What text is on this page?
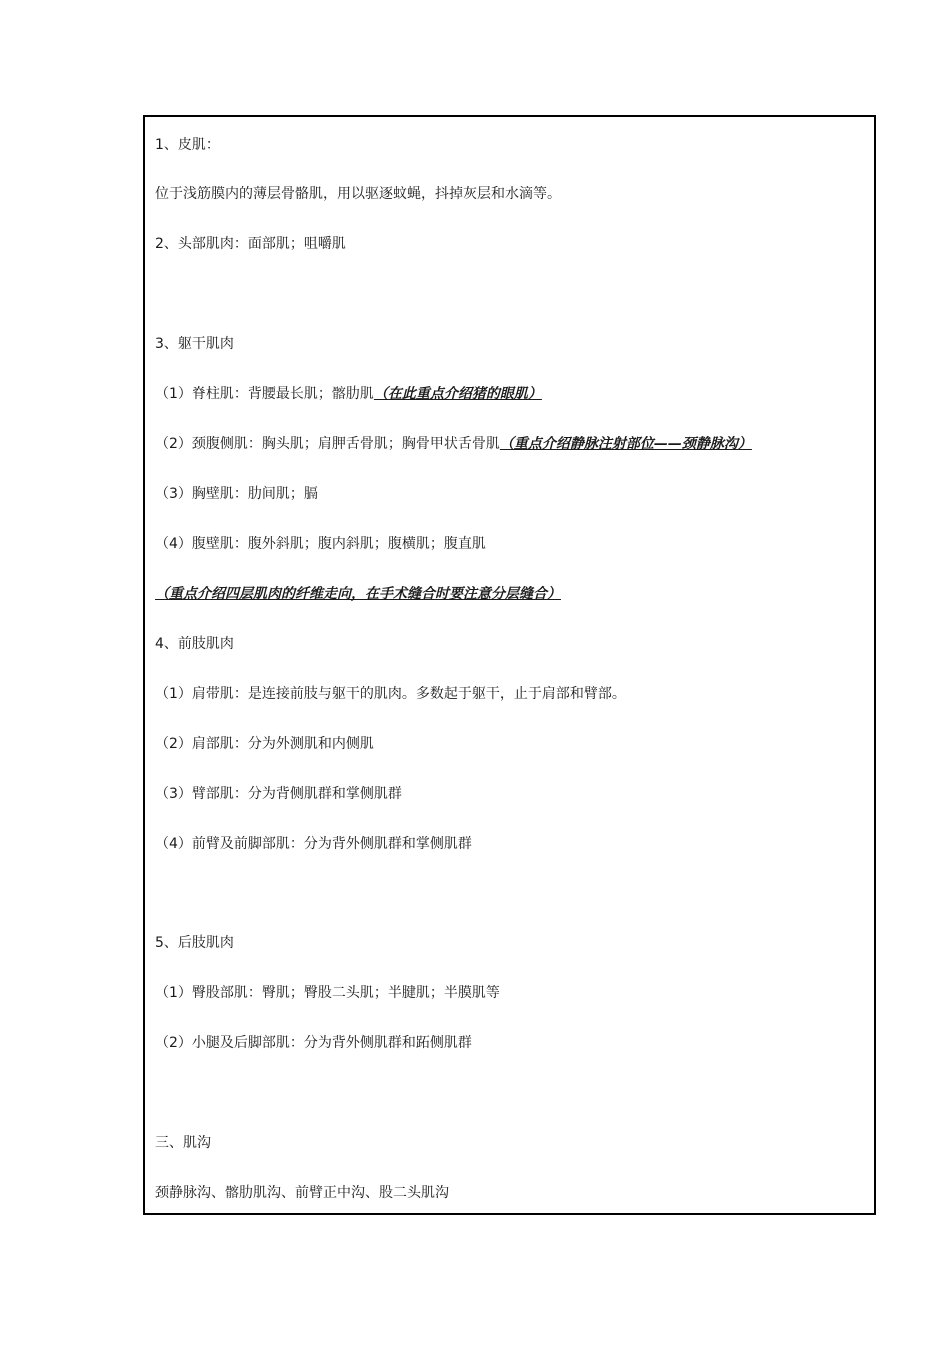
1、皮肌：
位于浅筋膜内的薄层骨骼肌，用以驱逐蚊蝇，抖掉灰层和水滴等。
2、头部肌肉：面部肌；咀嚼肌
3、躯干肌肉
（1）脊柱肌：背腰最长肌；髂肋肌（在此重点介绍猪的眼肌）
（2）颈腹侧肌：胸头肌；肩胛舌骨肌；胸骨甲状舌骨肌（重点介绍静脉注射部位——颈静脉沟）
（3）胸壁肌：肋间肌；膈
（4）腹壁肌：腹外斜肌；腹内斜肌；腹横肌；腹直肌
（重点介绍四层肌肉的纤维走向，在手术缝合时要注意分层缝合）
4、前肢肌肉
（1）肩带肌：是连接前肢与躯干的肌肉。多数起于躯干，止于肩部和臂部。
（2）肩部肌：分为外测肌和内侧肌
（3）臂部肌：分为背侧肌群和掌侧肌群
（4）前臂及前脚部肌：分为背外侧肌群和掌侧肌群
5、后肢肌肉
（1）臀股部肌：臀肌；臀股二头肌；半腱肌；半膜肌等
（2）小腿及后脚部肌：分为背外侧肌群和跖侧肌群
三、肌沟
颈静脉沟、髂肋肌沟、前臂正中沟、股二头肌沟
